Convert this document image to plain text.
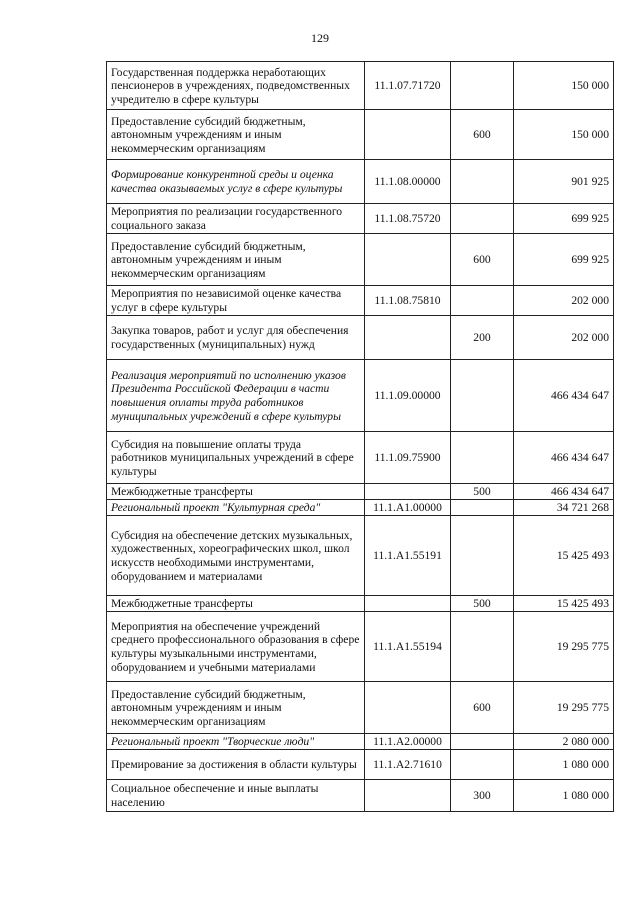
129
Государственная поддержка неработающих пенсионеров в учреждениях, подведомственных учредителю в сфере культуры	11.1.07.71720		150 000
Предоставление субсидий бюджетным, автономным учреждениям и иным некоммерческим организациям		600	150 000
Формирование конкурентной среды и оценка качества оказываемых услуг в сфере культуры	11.1.08.00000		901 925
Мероприятия по реализации государственного социального заказа	11.1.08.75720		699 925
Предоставление субсидий бюджетным, автономным учреждениям и иным некоммерческим организациям		600	699 925
Мероприятия по независимой оценке качества услуг в сфере культуры	11.1.08.75810		202 000
Закупка товаров, работ и услуг для обеспечения государственных (муниципальных) нужд		200	202 000
Реализация мероприятий по исполнению указов Президента Российской Федерации в части повышения оплаты труда работников муниципальных учреждений в сфере культуры	11.1.09.00000		466 434 647
Субсидия на повышение оплаты труда работников муниципальных учреждений в сфере культуры	11.1.09.75900		466 434 647
Межбюджетные трансферты		500	466 434 647
Региональный проект "Культурная среда"	11.1.A1.00000		34 721 268
Субсидия на обеспечение детских музыкальных, художественных, хореографических школ, школ искусств необходимыми инструментами, оборудованием и материалами	11.1.A1.55191		15 425 493
Межбюджетные трансферты		500	15 425 493
Мероприятия на обеспечение учреждений среднего профессионального образования в сфере культуры музыкальными инструментами, оборудованием и учебными материалами	11.1.A1.55194		19 295 775
Предоставление субсидий бюджетным, автономным учреждениям и иным некоммерческим организациям		600	19 295 775
Региональный проект "Творческие люди"	11.1.A2.00000		2 080 000
Премирование за достижения в области культуры	11.1.A2.71610		1 080 000
Социальное обеспечение и иные выплаты населению		300	1 080 000
